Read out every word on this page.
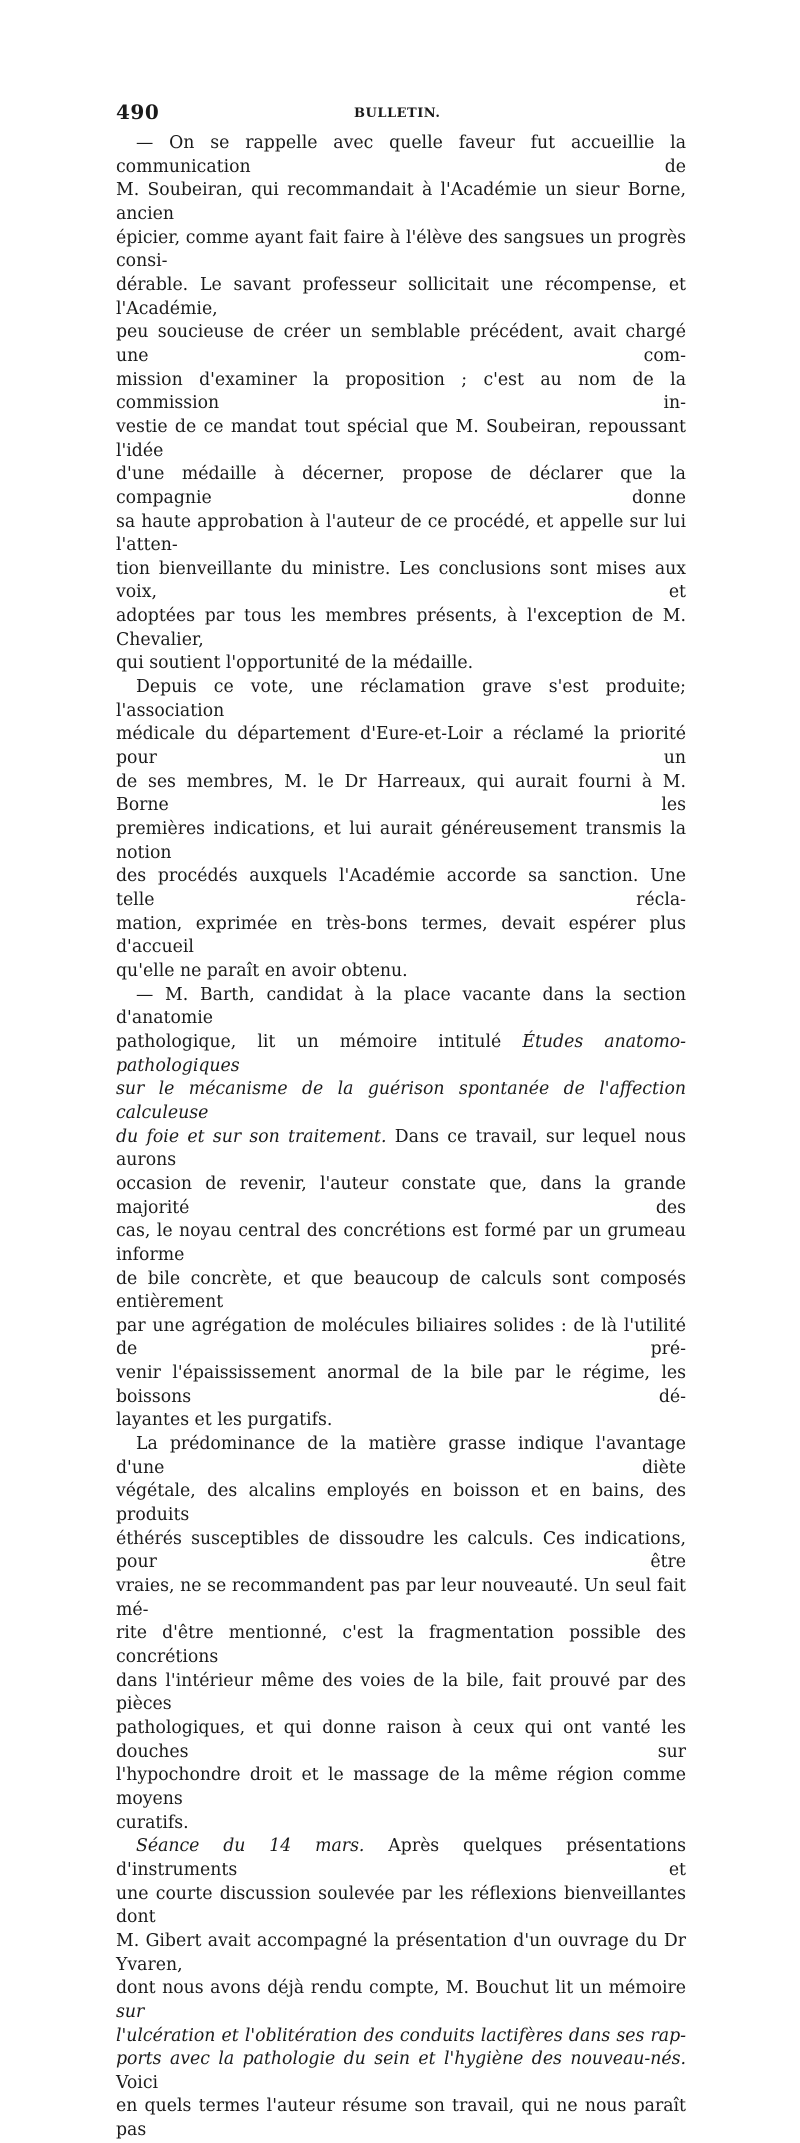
490	BULLETIN.

— On se rappelle avec quelle faveur fut accueillie la communication de

M. Soubeiran, qui recommandait à l'Académie un sieur Borne, ancien

épicier, comme ayant fait faire à l'élève des sangsues un progrès consi-

dérable. Le savant professeur sollicitait une récompense, et l'Académie,

peu soucieuse de créer un semblable précédent, avait chargé une com-

mission d'examiner la proposition ; c'est au nom de la commission in-

vestie de ce mandat tout spécial que M. Soubeiran, repoussant l'idée

d'une médaille à décerner, propose de déclarer que la compagnie donne

sa haute approbation à l'auteur de ce procédé, et appelle sur lui l'atten-

tion bienveillante du ministre. Les conclusions sont mises aux voix, et

adoptées par tous les membres présents, à l'exception de M. Chevalier,

qui soutient l'opportunité de la médaille.

Depuis ce vote, une réclamation grave s'est produite; l'association

médicale du département d'Eure-et-Loir a réclamé la priorité pour un

de ses membres, M. le Dr Harreaux, qui aurait fourni à M. Borne les

premières indications, et lui aurait généreusement transmis la notion

des procédés auxquels l'Académie accorde sa sanction. Une telle récla-

mation, exprimée en très-bons termes, devait espérer plus d'accueil

qu'elle ne paraît en avoir obtenu.

— M. Barth, candidat à la place vacante dans la section d'anatomie

pathologique, lit un mémoire intitulé Études anatomo-pathologiques

sur le mécanisme de la guérison spontanée de l'affection calculeuse

du foie et sur son traitement. Dans ce travail, sur lequel nous aurons

occasion de revenir, l'auteur constate que, dans la grande majorité des

cas, le noyau central des concrétions est formé par un grumeau informe

de bile concrète, et que beaucoup de calculs sont composés entièrement

par une agrégation de molécules biliaires solides : de là l'utilité de pré-

venir l'épaississement anormal de la bile par le régime, les boissons dé-

layantes et les purgatifs.

La prédominance de la matière grasse indique l'avantage d'une diète

végétale, des alcalins employés en boisson et en bains, des produits

éthérés susceptibles de dissoudre les calculs. Ces indications, pour être

vraies, ne se recommandent pas par leur nouveauté. Un seul fait mé-

rite d'être mentionné, c'est la fragmentation possible des concrétions

dans l'intérieur même des voies de la bile, fait prouvé par des pièces

pathologiques, et qui donne raison à ceux qui ont vanté les douches sur

l'hypochondre droit et le massage de la même région comme moyens

curatifs.

Séance du 14 mars. Après quelques présentations d'instruments et

une courte discussion soulevée par les réflexions bienveillantes dont

M. Gibert avait accompagné la présentation d'un ouvrage du Dr Yvaren,

dont nous avons déjà rendu compte, M. Bouchut lit un mémoire sur

l'ulcération et l'oblitération des conduits lactifères dans ses rap-

ports avec la pathologie du sein et l'hygiène des nouveau-nés. Voici

en quels termes l'auteur résume son travail, qui ne nous paraît pas
